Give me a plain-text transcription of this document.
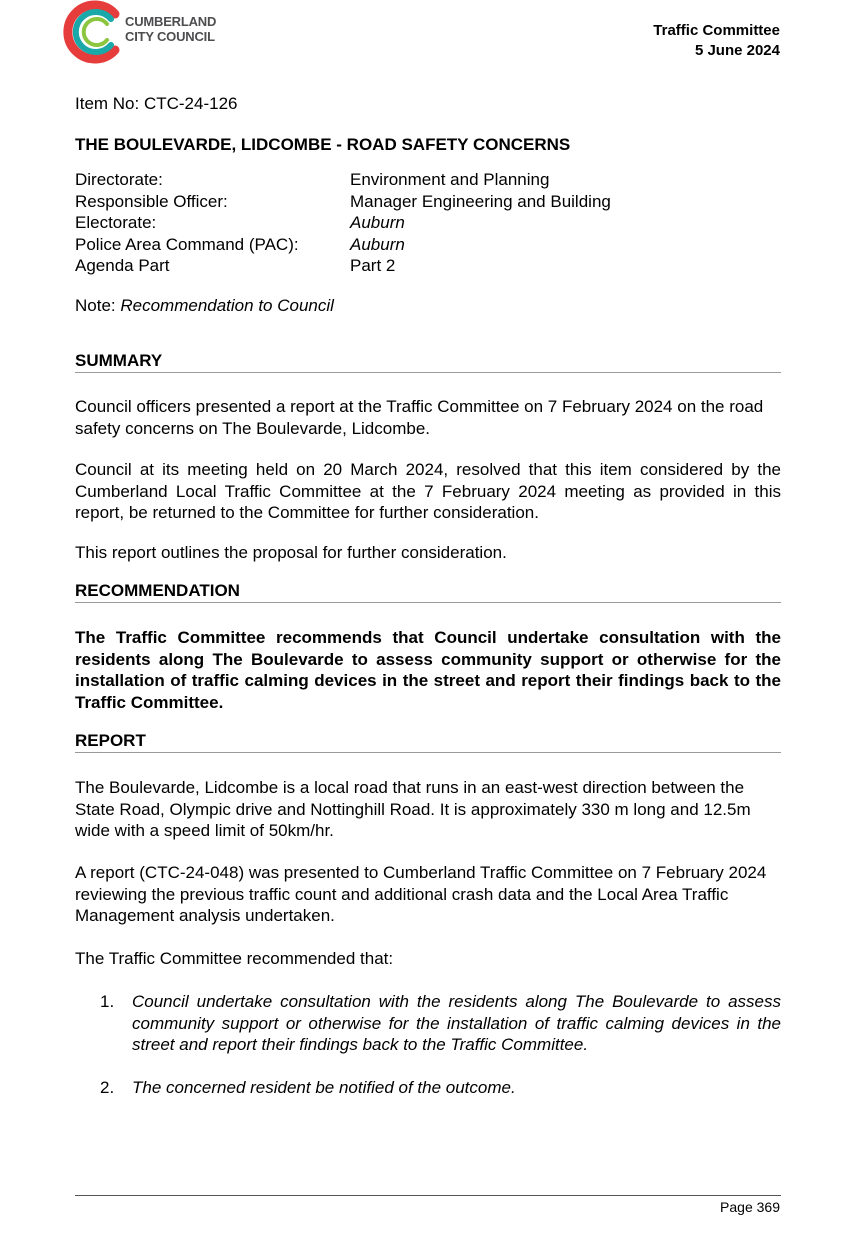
CUMBERLAND
CITY COUNCIL	Traffic Committee
5 June 2024
Item No: CTC-24-126
THE BOULEVARDE, LIDCOMBE - ROAD SAFETY CONCERNS
Directorate:	Environment and Planning
Responsible Officer:	Manager Engineering and Building
Electorate:	Auburn
Police Area Command (PAC):	Auburn
Agenda Part	Part 2
Note: Recommendation to Council
SUMMARY
Council officers presented a report at the Traffic Committee on 7 February 2024 on the road safety concerns on The Boulevarde, Lidcombe.
Council at its meeting held on 20 March 2024, resolved that this item considered by the Cumberland Local Traffic Committee at the 7 February 2024 meeting as provided in this report, be returned to the Committee for further consideration.
This report outlines the proposal for further consideration.
RECOMMENDATION
The Traffic Committee recommends that Council undertake consultation with the residents along The Boulevarde to assess community support or otherwise for the installation of traffic calming devices in the street and report their findings back to the Traffic Committee.
REPORT
The Boulevarde, Lidcombe is a local road that runs in an east-west direction between the State Road, Olympic drive and Nottinghill Road. It is approximately 330 m long and 12.5m wide with a speed limit of 50km/hr.
A report (CTC-24-048) was presented to Cumberland Traffic Committee on 7 February 2024 reviewing the previous traffic count and additional crash data and the Local Area Traffic Management analysis undertaken.
The Traffic Committee recommended that:
1.	Council undertake consultation with the residents along The Boulevarde to assess community support or otherwise for the installation of traffic calming devices in the street and report their findings back to the Traffic Committee.
2.	The concerned resident be notified of the outcome.
Page 369
